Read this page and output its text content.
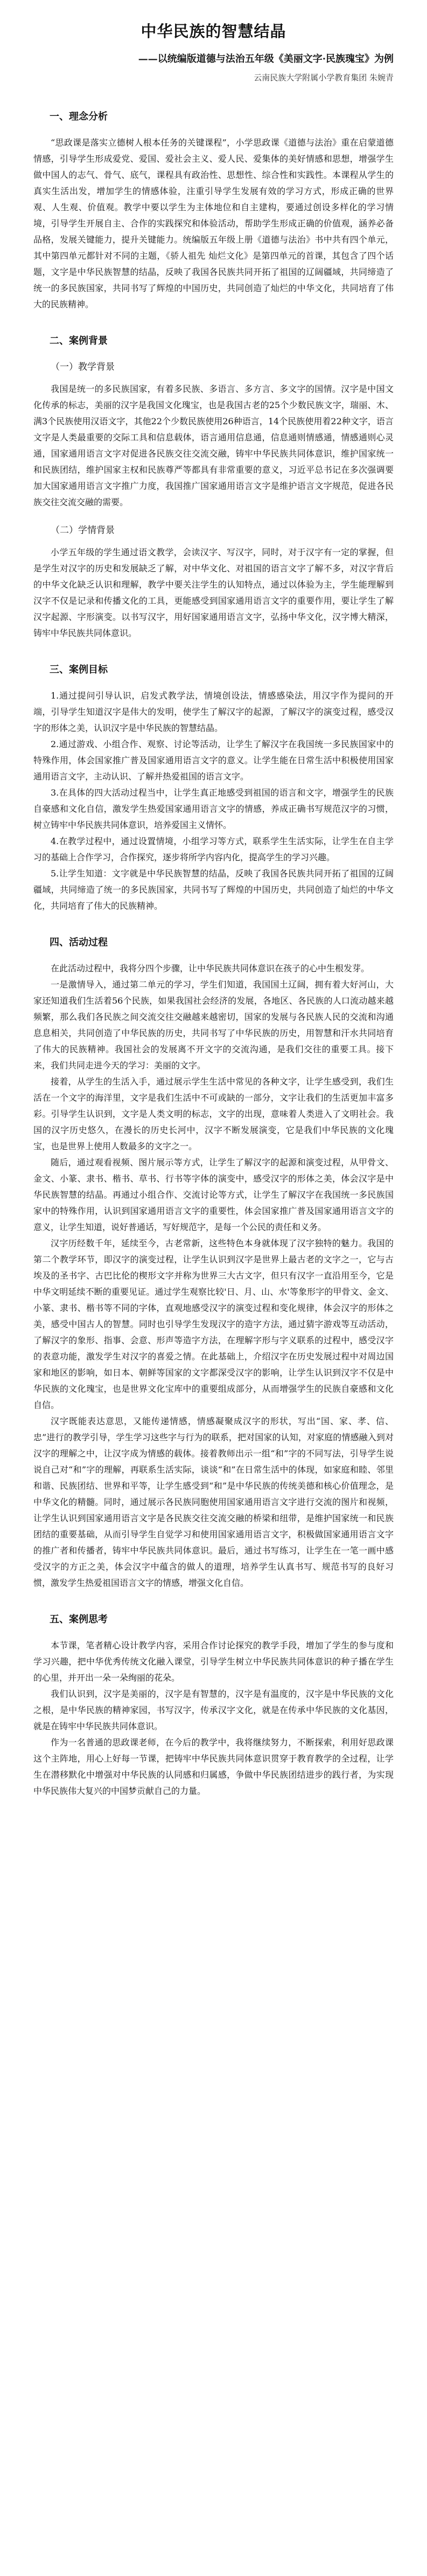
中华民族的智慧结晶
——以统编版道德与法治五年级《美丽文字·民族瑰宝》为例
云南民族大学附属小学教育集团 朱婉青
一、理念分析

“思政课是落实立德树人根本任务的关键课程”，小学思政课《道德与法治》重在启蒙道德情感，引导学生形成爱党、爱国、爱社会主义、爱人民、爱集体的美好情感和思想，增强学生做中国人的志气、骨气、底气，课程具有政治性、思想性、综合性和实践性。本课程从学生的真实生活出发，增加学生的情感体验，注重引导学生发展有效的学习方式，形成正确的世界观、人生观、价值观。教学中要以学生为主体地位和自主建构，要通过创设多样化的学习情境，引导学生开展自主、合作的实践探究和体验活动，帮助学生形成正确的价值观，涵养必备品格，发展关键能力，提升关键能力。统编版五年级上册《道德与法治》书中共有四个单元，其中第四单元都针对不同的主题，《骄人祖先 灿烂文化》是第四单元的首课，其包含了四个话题，文字是中华民族智慧的结晶，反映了我国各民族共同开拓了祖国的辽阔疆域，共同缔造了统一的多民族国家，共同书写了辉煌的中国历史，共同创造了灿烂的中华文化，共同培育了伟大的民族精神。

二、案例背景
（一）教学背景

我国是统一的多民族国家，有着多民族、多语言、多方言、多文字的国情。汉字是中国文化传承的标志，美丽的汉字是我国文化瑰宝，也是我国古老的25个少数民族文字，瑞丽、木、满3个民族使用汉语文字，其他22个少数民族使用26种语言，14个民族使用着22种文字，语言文字是人类最重要的交际工具和信息载体，语言通用信息通，信息通则情感通，情感通则心灵通，国家通用语言文字对促进各民族交往交流交融，铸牢中华民族共同体意识，维护国家统一和民族团结，维护国家主权和民族尊严等都具有非常重要的意义，习近平总书记在多次强调要加大国家通用语言文字推广力度，我国推广国家通用语言文字是维护语言文字规范，促进各民族交往交流交融的需要。

（二）学情背景

小学五年级的学生通过语文教学，会读汉字、写汉字，同时，对于汉字有一定的掌握，但是学生对汉字的历史和发展缺乏了解，对中华文化、对祖国的语言文字了解不多，对汉字背后的中华文化缺乏认识和理解，教学中要关注学生的认知特点，通过以体验为主，学生能理解到汉字不仅是记录和传播文化的工具，更能感受到国家通用语言文字的重要作用，要让学生了解汉字起源、字形演变。以书写汉字，用好国家通用语言文字，弘扬中华文化，汉字博大精深，铸牢中华民族共同体意识。

三、案例目标

1.通过提问引导认识，启发式教学法，情境创设法，情感感染法，用汉字作为提问的开端，引导学生知道汉字是伟大的发明，使学生了解汉字的起源，了解汉字的演变过程，感受汉字的形体之美，认识汉字是中华民族的智慧结晶。

2.通过游戏、小组合作、观察、讨论等活动，让学生了解汉字在我国统一多民族国家中的特殊作用，体会国家推广普及国家通用语言文字的意义。让学生能在日常生活中积极使用国家通用语言文字，主动认识、了解并热爱祖国的语言文字。

3.在具体的四大活动过程当中，让学生真正地感受到祖国的语言和文字，增强学生的民族自豪感和文化自信，激发学生热爱国家通用语言文字的情感，养成正确书写规范汉字的习惯，树立铸牢中华民族共同体意识，培养爱国主义情怀。

4.在教学过程中，通过设置情境，小组学习等方式，联系学生生活实际，让学生在自主学习的基础上合作学习，合作探究，逐步将所学内容内化，提高学生的学习兴趣。

5.让学生知道：文字就是中华民族智慧的结晶，反映了我国各民族共同开拓了祖国的辽阔疆域，共同缔造了统一的多民族国家，共同书写了辉煌的中国历史，共同创造了灿烂的中华文化，共同培育了伟大的民族精神。

四、活动过程

在此活动过程中，我将分四个步骤，让中华民族共同体意识在孩子的心中生根发芽。

一是激情导入，通过第二单元的学习，学生们知道，我国国土辽阔，拥有着大好河山，大家还知道我们生活着56个民族，如果我国社会经济的发展，各地区、各民族的人口流动越来越频繁，那么我们各民族之间交流交往交融越来越密切，国家的发展与各民族人民的交流和沟通息息相关，共同创造了中华民族的历史，共同书写了中华民族的历史，用智慧和汗水共同培育了伟大的民族精神。我国社会的发展离不开文字的交流沟通，是我们交往的重要工具。接下来，我们共同走进今天的学习：美丽的文字。

接着，从学生的生活入手，通过展示学生生活中常见的各种文字，让学生感受到，我们生活在一个文字的海洋里，文字是我们生活中不可或缺的一部分，文字让我们的生活更加丰富多彩。引导学生认识到，文字是人类文明的标志，文字的出现，意味着人类进入了文明社会。我国的汉字历史悠久，在漫长的历史长河中，汉字不断发展演变，它是我们中华民族的文化瑰宝，也是世界上使用人数最多的文字之一。

随后，通过观看视频、图片展示等方式，让学生了解汉字的起源和演变过程，从甲骨文、金文、小篆、隶书、楷书、草书、行书等字体的演变中，感受汉字的形体之美，体会汉字是中华民族智慧的结晶。再通过小组合作、交流讨论等方式，让学生了解汉字在我国统一多民族国家中的特殊作用，认识到国家通用语言文字的重要性，体会国家推广普及国家通用语言文字的意义，让学生知道，说好普通话，写好规范字，是每一个公民的责任和义务。

汉字历经数千年，延续至今，古老常新，这些特色本身就体现了汉字独特的魅力。我国的第二个教学环节，即汉字的演变过程，让学生认识到汉字是世界上最古老的文字之一，它与古埃及的圣书字、古巴比伦的楔形文字并称为世界三大古文字，但只有汉字一直沿用至今，它是中华文明延续不断的重要见证。通过学生观察比较'日、月、山、水'等象形字的甲骨文、金文、小篆、隶书、楷书等不同的字体，直观地感受汉字的演变过程和变化规律，体会汉字的形体之美，感受中国古人的智慧。同时也引导学生发现汉字的造字方法，通过猜字游戏等互动活动，了解汉字的象形、指事、会意、形声等造字方法，在理解字形与字义联系的过程中，感受汉字的表意功能，激发学生对汉字的喜爱之情。在此基础上，介绍汉字在历史发展过程中对周边国家和地区的影响，如日本、朝鲜等国家的文字都深受汉字的影响，让学生认识到汉字不仅是中华民族的文化瑰宝，也是世界文化宝库中的重要组成部分，从而增强学生的民族自豪感和文化自信。

汉字既能表达意思，又能传递情感，情感凝聚成汉字的形状，写出“国、家、孝、信、忠”进行的教学引导，学生学习这些字与行为的联系，把对国家的认知，对家庭的情感融入到对汉字的理解之中，让汉字成为情感的载体。接着教师出示一组“和”字的不同写法，引导学生说说自己对“和”字的理解，再联系生活实际，谈谈“和”在日常生活中的体现，如家庭和睦、邻里和谐、民族团结、世界和平等，让学生感受到“和”是中华民族的传统美德和核心价值理念，是中华文化的精髓。同时，通过展示各民族同胞使用国家通用语言文字进行交流的图片和视频，让学生认识到国家通用语言文字是各民族交往交流交融的桥梁和纽带，是维护国家统一和民族团结的重要基础，从而引导学生自觉学习和使用国家通用语言文字，积极做国家通用语言文字的推广者和传播者，铸牢中华民族共同体意识。最后，通过书写练习，让学生在一笔一画中感受汉字的方正之美，体会汉字中蕴含的做人的道理，培养学生认真书写、规范书写的良好习惯，激发学生热爱祖国语言文字的情感，增强文化自信。

五、案例思考

本节课，笔者精心设计教学内容，采用合作讨论探究的教学手段，增加了学生的参与度和学习兴趣，把中华优秀传统文化融入课堂，引导学生树立中华民族共同体意识的种子播在学生的心里，并开出一朵一朵绚丽的花朵。

我们认识到，汉字是美丽的，汉字是有智慧的，汉字是有温度的，汉字是中华民族的文化之根，是中华民族的精神家园，书写汉字，传承汉字文化，就是在传承中华民族的文化基因，就是在铸牢中华民族共同体意识。

作为一名普通的思政课老师，在今后的教学中，我将继续努力，不断探索，利用好思政课这个主阵地，用心上好每一节课，把铸牢中华民族共同体意识贯穿于教育教学的全过程，让学生在潜移默化中增强对中华民族的认同感和归属感，争做中华民族团结进步的践行者，为实现中华民族伟大复兴的中国梦贡献自己的力量。
